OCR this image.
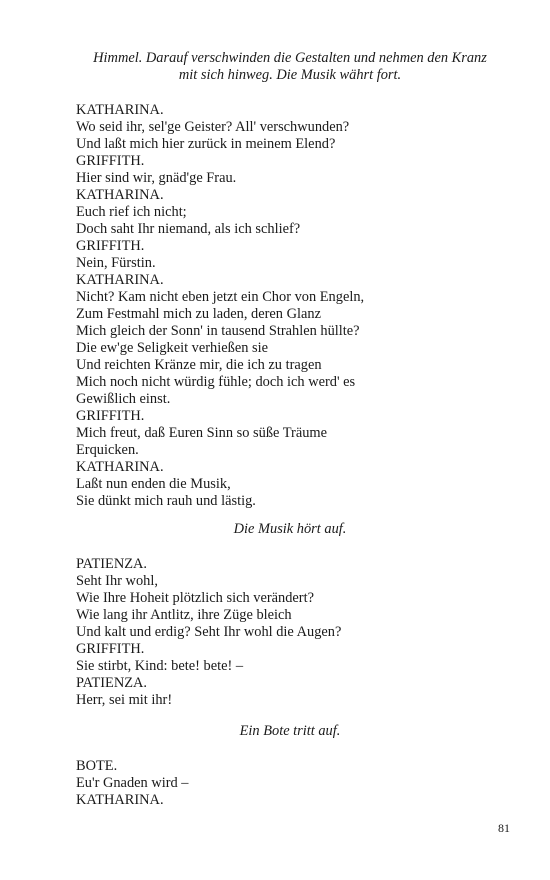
Himmel. Darauf verschwinden die Gestalten und nehmen den Kranz
mit sich hinweg. Die Musik währt fort.
KATHARINA.
Wo seid ihr, sel'ge Geister? All' verschwunden?
Und laßt mich hier zurück in meinem Elend?
GRIFFITH.
Hier sind wir, gnäd'ge Frau.
KATHARINA.
Euch rief ich nicht;
Doch saht Ihr niemand, als ich schlief?
GRIFFITH.
Nein, Fürstin.
KATHARINA.
Nicht? Kam nicht eben jetzt ein Chor von Engeln,
Zum Festmahl mich zu laden, deren Glanz
Mich gleich der Sonn' in tausend Strahlen hüllte?
Die ew'ge Seligkeit verhießen sie
Und reichten Kränze mir, die ich zu tragen
Mich noch nicht würdig fühle; doch ich werd' es
Gewißlich einst.
GRIFFITH.
Mich freut, daß Euren Sinn so süße Träume
Erquicken.
KATHARINA.
Laßt nun enden die Musik,
Sie dünkt mich rauh und lästig.
Die Musik hört auf.
PATIENZA.
Seht Ihr wohl,
Wie Ihre Hoheit plötzlich sich verändert?
Wie lang ihr Antlitz, ihre Züge bleich
Und kalt und erdig? Seht Ihr wohl die Augen?
GRIFFITH.
Sie stirbt, Kind: bete! bete! –
PATIENZA.
Herr, sei mit ihr!
Ein Bote tritt auf.
BOTE.
Eu'r Gnaden wird –
KATHARINA.
81
